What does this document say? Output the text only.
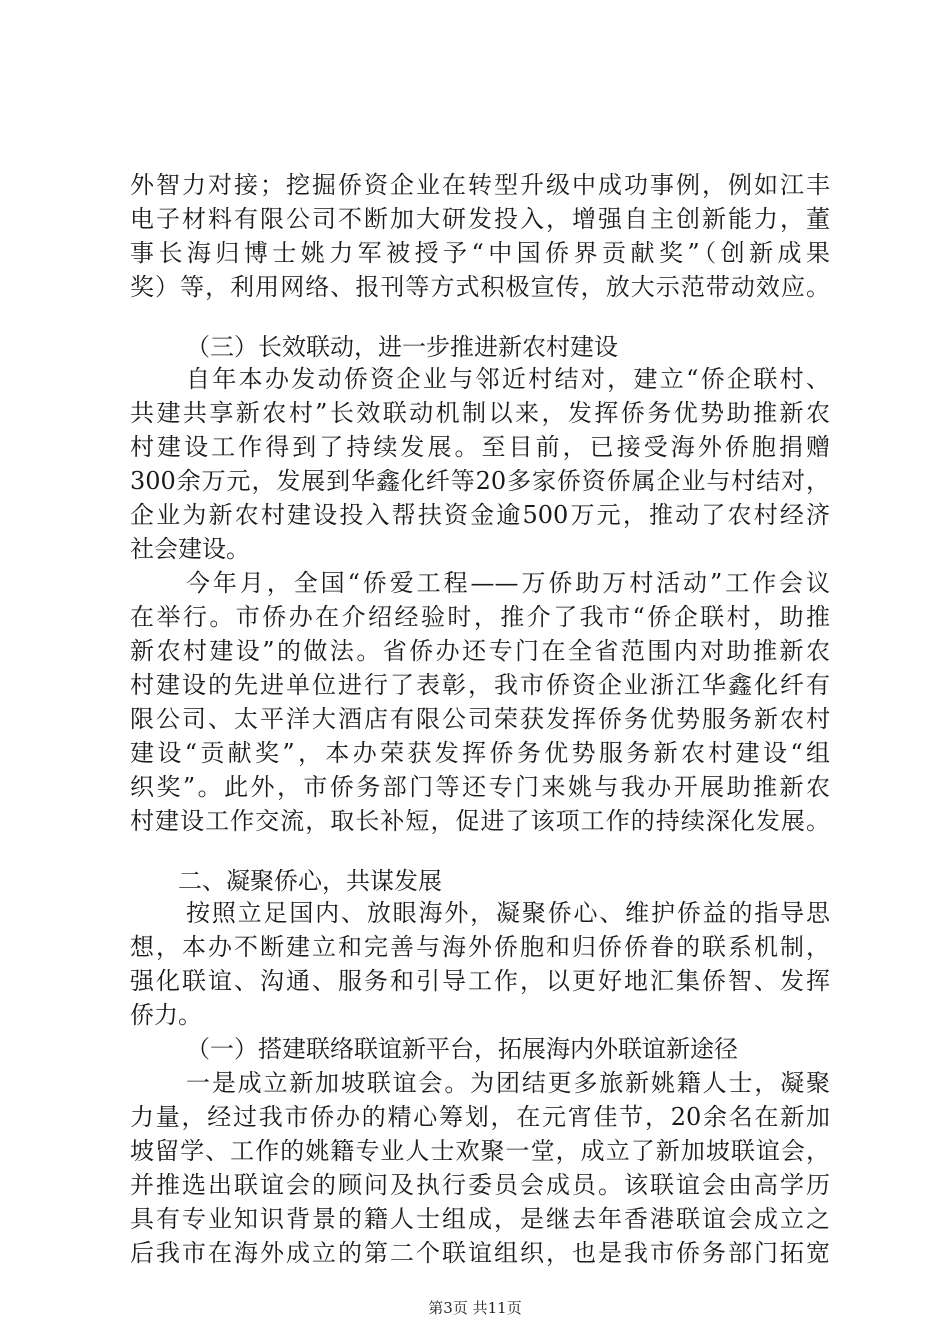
外智力对接；挖掘侨资企业在转型升级中成功事例，例如江丰
电子材料有限公司不断加大研发投入，增强自主创新能力，董
事长海归博士姚力军被授予“中国侨界贡献奖”（创新成果
奖）等，利用网络、报刊等方式积极宣传，放大示范带动效应。
（三）长效联动，进一步推进新农村建设
自年本办发动侨资企业与邻近村结对，建立“侨企联村、
共建共享新农村”长效联动机制以来，发挥侨务优势助推新农
村建设工作得到了持续发展。至目前，已接受海外侨胞捐赠
300余万元，发展到华鑫化纤等20多家侨资侨属企业与村结对，
企业为新农村建设投入帮扶资金逾500万元，推动了农村经济
社会建设。
今年月，全国“侨爱工程——万侨助万村活动”工作会议
在举行。市侨办在介绍经验时，推介了我市“侨企联村，助推
新农村建设”的做法。省侨办还专门在全省范围内对助推新农
村建设的先进单位进行了表彰，我市侨资企业浙江华鑫化纤有
限公司、太平洋大酒店有限公司荣获发挥侨务优势服务新农村
建设“贡献奖”，本办荣获发挥侨务优势服务新农村建设“组
织奖”。此外，市侨务部门等还专门来姚与我办开展助推新农
村建设工作交流，取长补短，促进了该项工作的持续深化发展。
二、凝聚侨心，共谋发展
按照立足国内、放眼海外，凝聚侨心、维护侨益的指导思
想，本办不断建立和完善与海外侨胞和归侨侨眷的联系机制，
强化联谊、沟通、服务和引导工作，以更好地汇集侨智、发挥
侨力。
（一）搭建联络联谊新平台，拓展海内外联谊新途径
一是成立新加坡联谊会。为团结更多旅新姚籍人士，凝聚
力量，经过我市侨办的精心筹划，在元宵佳节，20余名在新加
坡留学、工作的姚籍专业人士欢聚一堂，成立了新加坡联谊会，
并推选出联谊会的顾问及执行委员会成员。该联谊会由高学历
具有专业知识背景的籍人士组成，是继去年香港联谊会成立之
后我市在海外成立的第二个联谊组织，也是我市侨务部门拓宽
第3页 共11页
